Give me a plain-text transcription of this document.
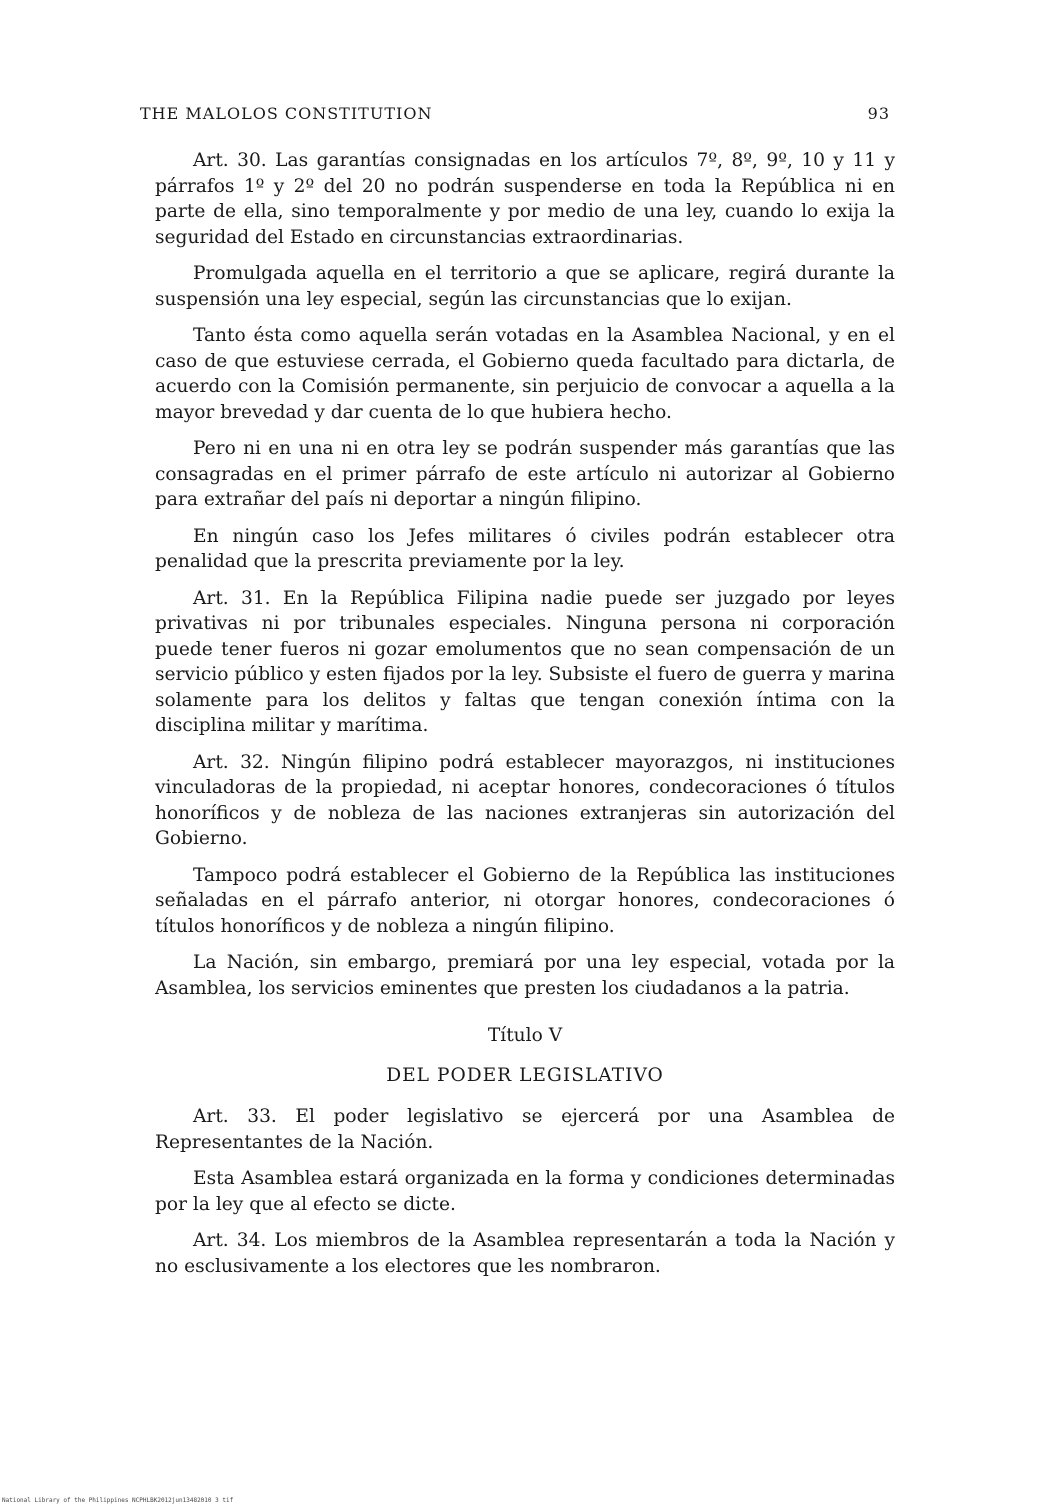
THE MALOLOS CONSTITUTION	93

Art. 30. Las garantías consignadas en los artículos 7º, 8º, 9º, 10 y 11 y párrafos 1º y 2º del 20 no podrán suspenderse en toda la República ni en parte de ella, sino temporalmente y por medio de una ley, cuando lo exija la seguridad del Estado en circunstancias extraordinarias.

Promulgada aquella en el territorio a que se aplicare, regirá durante la suspensión una ley especial, según las circunstancias que lo exijan.

Tanto ésta como aquella serán votadas en la Asamblea Nacional, y en el caso de que estuviese cerrada, el Gobierno queda facultado para dictarla, de acuerdo con la Comisión permanente, sin perjuicio de convocar a aquella a la mayor brevedad y dar cuenta de lo que hubiera hecho.

Pero ni en una ni en otra ley se podrán suspender más garantías que las consagradas en el primer párrafo de este artículo ni autorizar al Gobierno para extrañar del país ni deportar a ningún filipino.

En ningún caso los Jefes militares ó civiles podrán establecer otra penalidad que la prescrita previamente por la ley.

Art. 31. En la República Filipina nadie puede ser juzgado por leyes privativas ni por tribunales especiales. Ninguna persona ni corporación puede tener fueros ni gozar emolumentos que no sean compensación de un servicio público y esten fijados por la ley. Subsiste el fuero de guerra y marina solamente para los delitos y faltas que tengan conexión íntima con la disciplina militar y marítima.

Art. 32. Ningún filipino podrá establecer mayorazgos, ni instituciones vinculadoras de la propiedad, ni aceptar honores, condecoraciones ó títulos honoríficos y de nobleza de las naciones extranjeras sin autorización del Gobierno.

Tampoco podrá establecer el Gobierno de la República las instituciones señaladas en el párrafo anterior, ni otorgar honores, condecoraciones ó títulos honoríficos y de nobleza a ningún filipino.

La Nación, sin embargo, premiará por una ley especial, votada por la Asamblea, los servicios eminentes que presten los ciudadanos a la patria.

Título V

DEL PODER LEGISLATIVO

Art. 33. El poder legislativo se ejercerá por una Asamblea de Representantes de la Nación.

Esta Asamblea estará organizada en la forma y condiciones determinadas por la ley que al efecto se dicte.

Art. 34. Los miembros de la Asamblea representarán a toda la Nación y no esclusivamente a los electores que les nombraron.

National Library of the Philippines NCPHLBK2012jun13482010 3 tif
